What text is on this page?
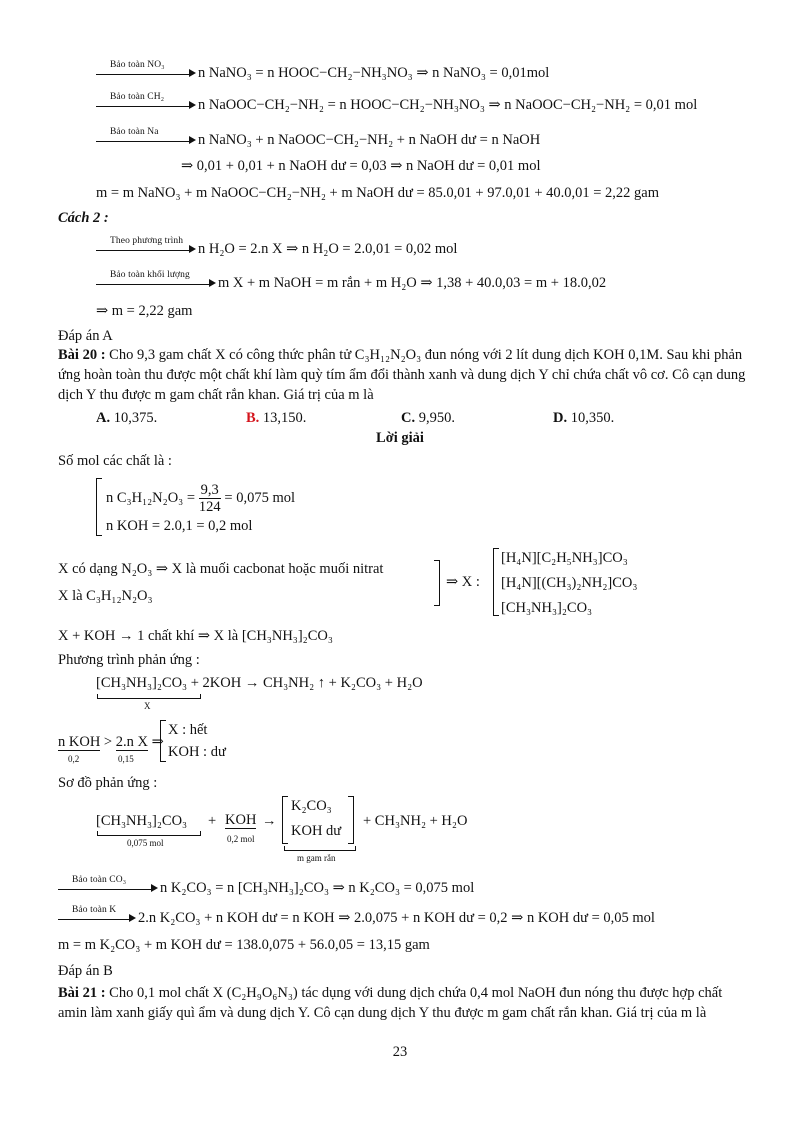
Bảo toàn NO₃
n NaNO₃ = n HOOC−CH₂−NH₃NO₃ ⇒ n NaNO₃ = 0,01mol
Bảo toàn CH₂
n NaOOC−CH₂−NH₂ = n HOOC−CH₂−NH₃NO₃ ⇒ n NaOOC−CH₂−NH₂ = 0,01 mol
Bảo toàn Na
n NaNO₃ + n NaOOC−CH₂−NH₂ + n NaOH dư = n NaOH
⇒ 0,01 + 0,01 + n NaOH dư = 0,03 ⇒ n NaOH dư = 0,01 mol
m = m NaNO₃ + m NaOOC−CH₂−NH₂ + m NaOH dư = 85.0,01 + 97.0,01 + 40.0,01 = 2,22 gam
Cách 2 :
Theo phương trình
n H₂O = 2.n X ⇒ n H₂O = 2.0,01 = 0,02 mol
Bảo toàn khối lượng
m X + m NaOH = m rắn + m H₂O ⇒ 1,38 + 40.0,03 = m + 18.0,02
⇒ m = 2,22 gam
Đáp án A
Bài 20 : Cho 9,3 gam chất X có công thức phân tử C₃H₁₂N₂O₃ đun nóng với 2 lít dung dịch KOH 0,1M. Sau khi phản ứng hoàn toàn thu được một chất khí làm quỳ tím ẩm đổi thành xanh và dung dịch Y chỉ chứa chất vô cơ. Cô cạn dung dịch Y thu được m gam chất rắn khan. Giá trị của m là
A. 10,375.	B. 13,150.	C. 9,950.	D. 10,350.
Lời giải
Số mol các chất là :
n $C_3H_{12}N_2O_3 = \frac{9,3}{124} = 0,075$ mol
n KOH = 2.0,1 = 0,2 mol
X có dạng N₂O₃ ⇒ X là muối cacbonat hoặc muối nitrat
X là C₃H₁₂N₂O₃
⇒ X :
[H₄N][C₂H₅NH₃]CO₃
[H₄N][(CH₃)₂NH₂]CO₃
[CH₃NH₃]₂CO₃
X + KOH → 1 chất khí ⇒ X là [CH₃NH₃]₂CO₃
Phương trình phản ứng :
[CH₃NH₃]₂CO₃ + 2KOH → CH₃NH₂ ↑ + K₂CO₃ + H₂O
X
n KOH > 2.n X ⇒
0,2	0,15
X : hết
KOH : dư
Sơ đồ phản ứng :
[CH₃NH₃]₂CO₃
0,075 mol
+ KOH
0,2 mol
→
K₂CO₃
KOH dư
m gam rắn
+ CH₃NH₂ + H₂O
Bảo toàn CO₃
n K₂CO₃ = n [CH₃NH₃]₂CO₃ ⇒ n K₂CO₃ = 0,075 mol
Bảo toàn K
2.n K₂CO₃ + n KOH dư = n KOH ⇒ 2.0,075 + n KOH dư = 0,2 ⇒ n KOH dư = 0,05 mol
m = m K₂CO₃ + m KOH dư = 138.0,075 + 56.0,05 = 13,15 gam
Đáp án B
Bài 21 : Cho 0,1 mol chất X (C₂H₉O₆N₃) tác dụng với dung dịch chứa 0,4 mol NaOH đun nóng thu được hợp chất amin làm xanh giấy quì ẩm và dung dịch Y. Cô cạn dung dịch Y thu được m gam chất rắn khan. Giá trị của m là
23
